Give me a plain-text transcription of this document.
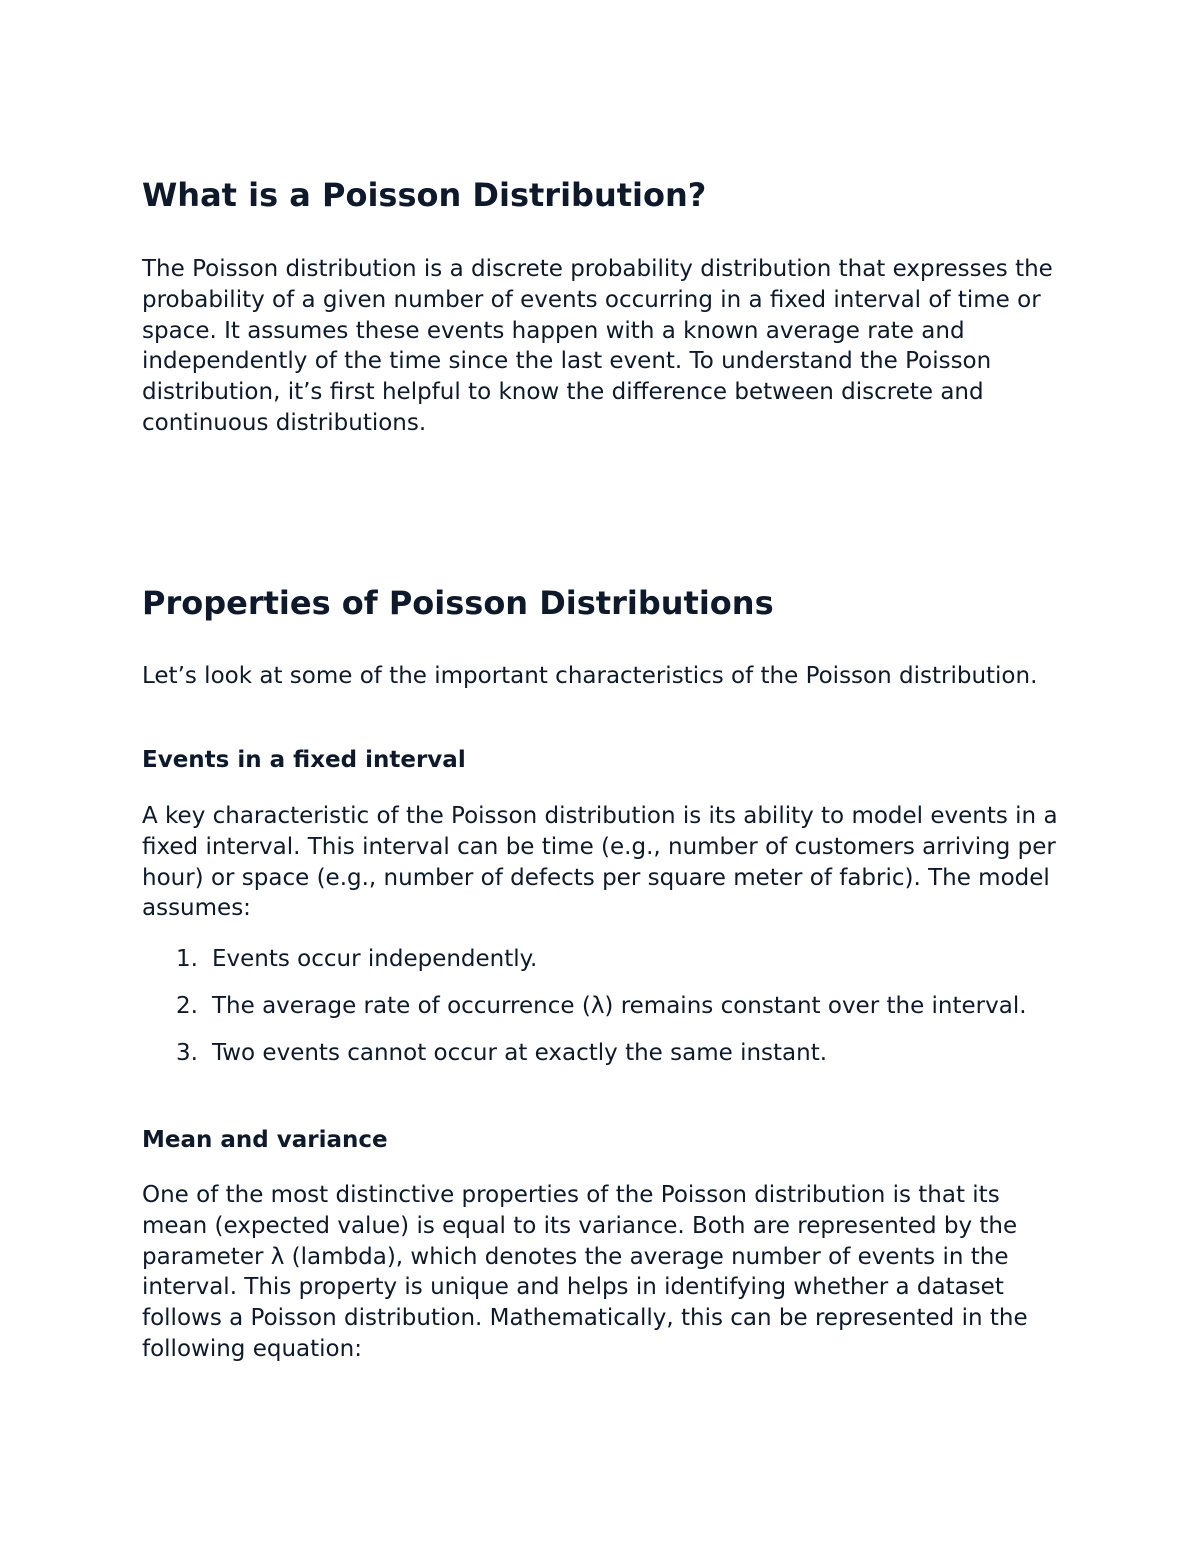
What is a Poisson Distribution?

The Poisson distribution is a discrete probability distribution that expresses the probability of a given number of events occurring in a fixed interval of time or space. It assumes these events happen with a known average rate and independently of the time since the last event. To understand the Poisson distribution, it’s first helpful to know the difference between discrete and continuous distributions.

Properties of Poisson Distributions

Let’s look at some of the important characteristics of the Poisson distribution.

Events in a fixed interval

A key characteristic of the Poisson distribution is its ability to model events in a fixed interval. This interval can be time (e.g., number of customers arriving per hour) or space (e.g., number of defects per square meter of fabric). The model assumes:

1. Events occur independently.
2. The average rate of occurrence (λ) remains constant over the interval.
3. Two events cannot occur at exactly the same instant.
Mean and variance

One of the most distinctive properties of the Poisson distribution is that its mean (expected value) is equal to its variance. Both are represented by the parameter λ (lambda), which denotes the average number of events in the interval. This property is unique and helps in identifying whether a dataset follows a Poisson distribution. Mathematically, this can be represented in the following equation:
